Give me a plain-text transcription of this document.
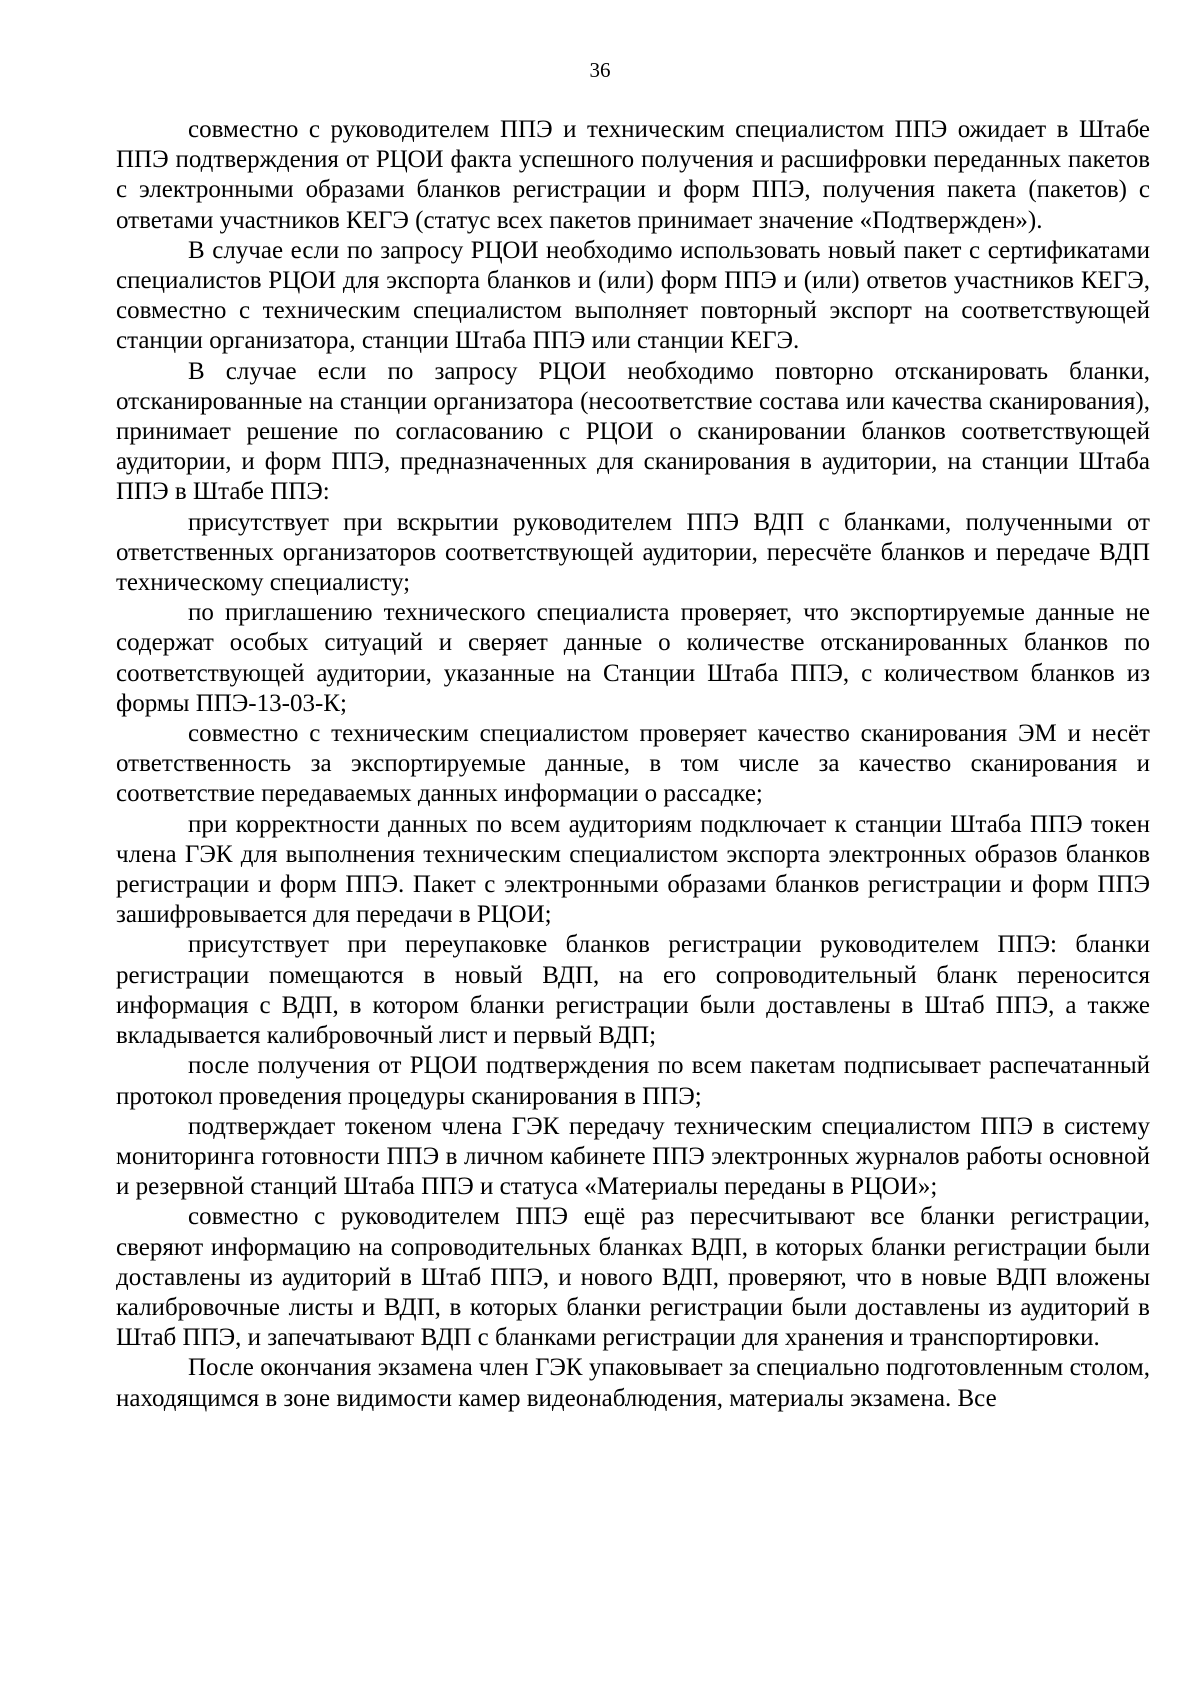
36

совместно с руководителем ППЭ и техническим специалистом ППЭ ожидает в Штабе ППЭ подтверждения от РЦОИ факта успешного получения и расшифровки переданных пакетов с электронными образами бланков регистрации и форм ППЭ, получения пакета (пакетов) с ответами участников КЕГЭ (статус всех пакетов принимает значение «Подтвержден»).

В случае если по запросу РЦОИ необходимо использовать новый пакет с сертификатами специалистов РЦОИ для экспорта бланков и (или) форм ППЭ и (или) ответов участников КЕГЭ, совместно с техническим специалистом выполняет повторный экспорт на соответствующей станции организатора, станции Штаба ППЭ или станции КЕГЭ.

В случае если по запросу РЦОИ необходимо повторно отсканировать бланки, отсканированные на станции организатора (несоответствие состава или качества сканирования), принимает решение по согласованию с РЦОИ о сканировании бланков соответствующей аудитории, и форм ППЭ, предназначенных для сканирования в аудитории, на станции Штаба ППЭ в Штабе ППЭ:

присутствует при вскрытии руководителем ППЭ ВДП с бланками, полученными от ответственных организаторов соответствующей аудитории, пересчёте бланков и передаче ВДП техническому специалисту;

по приглашению технического специалиста проверяет, что экспортируемые данные не содержат особых ситуаций и сверяет данные о количестве отсканированных бланков по соответствующей аудитории, указанные на Станции Штаба ППЭ, с количеством бланков из формы ППЭ-13-03-К;

совместно с техническим специалистом проверяет качество сканирования ЭМ и несёт ответственность за экспортируемые данные, в том числе за качество сканирования и соответствие передаваемых данных информации о рассадке;

при корректности данных по всем аудиториям подключает к станции Штаба ППЭ токен члена ГЭК для выполнения техническим специалистом экспорта электронных образов бланков регистрации и форм ППЭ. Пакет с электронными образами бланков регистрации и форм ППЭ зашифровывается для передачи в РЦОИ;

присутствует при переупаковке бланков регистрации руководителем ППЭ: бланки регистрации помещаются в новый ВДП, на его сопроводительный бланк переносится информация с ВДП, в котором бланки регистрации были доставлены в Штаб ППЭ, а также вкладывается калибровочный лист и первый ВДП;

после получения от РЦОИ подтверждения по всем пакетам подписывает распечатанный протокол проведения процедуры сканирования в ППЭ;

подтверждает токеном члена ГЭК передачу техническим специалистом ППЭ в систему мониторинга готовности ППЭ в личном кабинете ППЭ электронных журналов работы основной и резервной станций Штаба ППЭ и статуса «Материалы переданы в РЦОИ»;

совместно с руководителем ППЭ ещё раз пересчитывают все бланки регистрации, сверяют информацию на сопроводительных бланках ВДП, в которых бланки регистрации были доставлены из аудиторий в Штаб ППЭ, и нового ВДП, проверяют, что в новые ВДП вложены калибровочные листы и ВДП, в которых бланки регистрации были доставлены из аудиторий в Штаб ППЭ, и запечатывают ВДП с бланками регистрации для хранения и транспортировки.

После окончания экзамена член ГЭК упаковывает за специально подготовленным столом, находящимся в зоне видимости камер видеонаблюдения, материалы экзамена. Все
